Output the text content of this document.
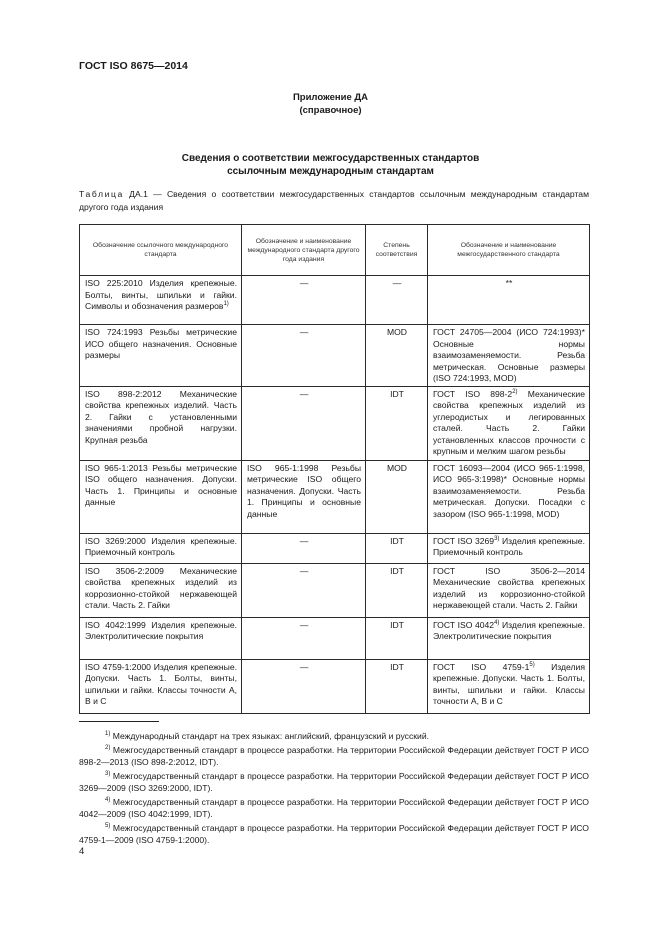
ГОСТ ISO 8675—2014
Приложение ДА
(справочное)
Сведения о соответствии межгосударственных стандартов
ссылочным международным стандартам
Таблица ДА.1 — Сведения о соответствии межгосударственных стандартов ссылочным международным стандартам другого года издания
Обозначение ссылочного международного стандарта	Обозначение и наименование международного стандарта другого года издания	Степень соответствия	Обозначение и наименование межгосударственного стандарта
ISO 225:2010 Изделия крепежные. Болты, винты, шпильки и гайки. Символы и обозначения размеров$^{1)}$	—	—	**
ISO 724:1993 Резьбы метрические ИСО общего назначения. Основные размеры	—	MOD	ГОСТ 24705—2004 (ИСО 724:1993)* Основные нормы взаимозаменяемости. Резьба метрическая. Основные размеры (ISO 724:1993, MOD)
ISO 898-2:2012 Механические свойства крепежных изделий. Часть 2. Гайки с установленными значениями пробной нагрузки. Крупная резьба	—	IDT	ГОСТ ISO 898-2$^{2)}$ Механические свойства крепежных изделий из углеродистых и легированных сталей. Часть 2. Гайки установленных классов прочности с крупным и мелким шагом резьбы
ISO 965-1:2013 Резьбы метрические ISO общего назначения. Допуски. Часть 1. Принципы и основные данные	ISO 965-1:1998 Резьбы метрические ISO общего назначения. Допуски. Часть 1. Принципы и основные данные	MOD	ГОСТ 16093—2004 (ИСО 965-1:1998, ИСО 965-3:1998)* Основные нормы взаимозаменяемости. Резьба метрическая. Допуски. Посадки с зазором (ISO 965-1:1998, MOD)
ISO 3269:2000 Изделия крепежные. Приемочный контроль	—	IDT	ГОСТ ISO 3269$^{3)}$ Изделия крепежные. Приемочный контроль
ISO 3506-2:2009 Механические свойства крепежных изделий из коррозионно-стойкой нержавеющей стали. Часть 2. Гайки	—	IDT	ГОСТ ISO 3506-2—2014 Механические свойства крепежных изделий из коррозионно-стойкой нержавеющей стали. Часть 2. Гайки
ISO 4042:1999 Изделия крепежные. Электролитические покрытия	—	IDT	ГОСТ ISO 4042$^{4)}$ Изделия крепежные. Электролитические покрытия
ISO 4759-1:2000 Изделия крепежные. Допуски. Часть 1. Болты, винты, шпильки и гайки. Классы точности A, B и C	—	IDT	ГОСТ ISO 4759-1$^{5)}$ Изделия крепежные. Допуски. Часть 1. Болты, винты, шпильки и гайки. Классы точности А, В и С

$^{1)}$ Международный стандарт на трех языках: английский, французский и русский.

$^{2)}$ Межгосударственный стандарт в процессе разработки. На территории Российской Федерации действует ГОСТ Р ИСО 898-2—2013 (ISO 898-2:2012, IDT).

$^{3)}$ Межгосударственный стандарт в процессе разработки. На территории Российской Федерации действует ГОСТ Р ИСО 3269—2009 (ISO 3269:2000, IDT).

$^{4)}$ Межгосударственный стандарт в процессе разработки. На территории Российской Федерации действует ГОСТ Р ИСО 4042—2009 (ISO 4042:1999, IDT).

$^{5)}$ Межгосударственный стандарт в процессе разработки. На территории Российской Федерации действует ГОСТ Р ИСО 4759-1—2009 (ISO 4759-1:2000).

4
